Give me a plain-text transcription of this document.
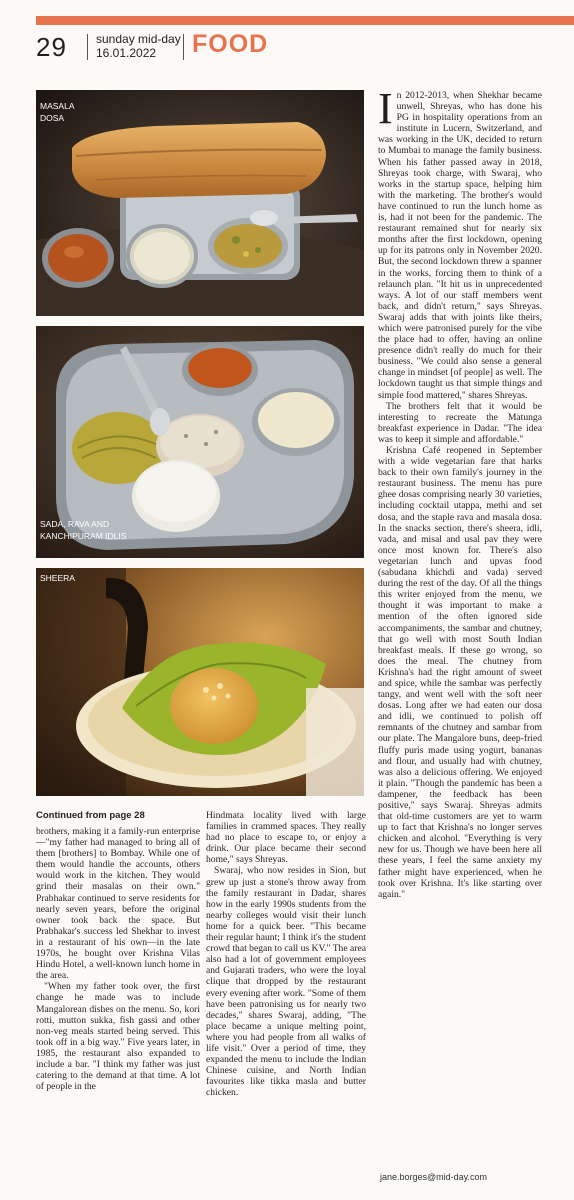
29 sunday mid-day
16.01.2022 FOOD
MASALA
DOSA
SADA, RAVA AND
KANCHIPURAM IDLIS
SHEERA

In 2012-2013, when Shekhar became unwell, Shreyas, who has done his PG in hospitality operations from an institute in Lucern, Switzerland, and was working in the UK, decided to return to Mumbai to manage the family business. When his father passed away in 2018, Shreyas took charge, with Swaraj, who works in the startup space, helping him with the marketing. The brother's would have continued to run the lunch home as is, had it not been for the pandemic. The restaurant remained shut for nearly six months after the first lockdown, opening up for its patrons only in November 2020. But, the second lockdown threw a spanner in the works, forcing them to think of a relaunch plan. "It hit us in unprecedented ways. A lot of our staff members went back, and didn't return," says Shreyas. Swaraj adds that with joints like theirs, which were patronised purely for the vibe the place had to offer, having an online presence didn't really do much for their business. "We could also sense a general change in mindset [of people] as well. The lockdown taught us that simple things and simple food mattered," shares Shreyas.

The brothers felt that it would be interesting to recreate the Matunga breakfast experience in Dadar. "The idea was to keep it simple and affordable."

Krishna Café reopened in September with a wide vegetarian fare that harks back to their own family's journey in the restaurant business. The menu has pure ghee dosas comprising nearly 30 varieties, including cocktail utappa, methi and set dosa, and the staple rava and masala dosa. In the snacks section, there's sheera, idli, vada, and misal and usal pav they were once most known for. There's also vegetarian lunch and upvas food (sabudana khichdi and vada) served during the rest of the day. Of all the things this writer enjoyed from the menu, we thought it was important to make a mention of the often ignored side accompaniments, the sambar and chutney, that go well with most South Indian breakfast meals. If these go wrong, so does the meal. The chutney from Krishna's had the right amount of sweet and spice, while the sambar was perfectly tangy, and went well with the soft neer dosas. Long after we had eaten our dosa and idli, we continued to polish off remnants of the chutney and sambar from our plate. The Mangalore buns, deep-fried fluffy puris made using yogurt, bananas and flour, and usually had with chutney, was also a delicious offering. We enjoyed it plain. "Though the pandemic has been a dampener, the feedback has been positive," says Swaraj. Shreyas admits that old-time customers are yet to warm up to fact that Krishna's no longer serves chicken and alcohol. "Everything is very new for us. Though we have been here all these years, I feel the same anxiety my father might have experienced, when he took over Krishna. It's like starting over again."

Continued from page 28

brothers, making it a family-run enterprise—"my father had managed to bring all of them [brothers] to Bombay. While one of them would handle the accounts, others would work in the kitchen. They would grind their masalas on their own." Prabhakar continued to serve residents for nearly seven years, before the original owner took back the space. But Prabhakar's success led Shekhar to invest in a restaurant of his own—in the late 1970s, he bought over Krishna Vilas Hindu Hotel, a well-known lunch home in the area.

"When my father took over, the first change he made was to include Mangalorean dishes on the menu. So, kori rotti, mutton sukka, fish gassi and other non-veg meals started being served. This took off in a big way." Five years later, in 1985, the restaurant also expanded to include a bar. "I think my father was just catering to the demand at that time. A lot of people in the

Hindmata locality lived with large families in crammed spaces. They really had no place to escape to, or enjoy a drink. Our place became their second home," says Shreyas.

Swaraj, who now resides in Sion, but grew up just a stone's throw away from the family restaurant in Dadar, shares how in the early 1990s students from the nearby colleges would visit their lunch home for a quick beer. "This became their regular haunt; I think it's the student crowd that began to call us KV." The area also had a lot of government employees and Gujarati traders, who were the loyal clique that dropped by the restaurant every evening after work. "Some of them have been patronising us for nearly two decades," shares Swaraj, adding, "The place became a unique melting point, where you had people from all walks of life visit." Over a period of time, they expanded the menu to include the Indian Chinese cuisine, and North Indian favourites like tikka masla and butter chicken.

jane.borges@mid-day.com
